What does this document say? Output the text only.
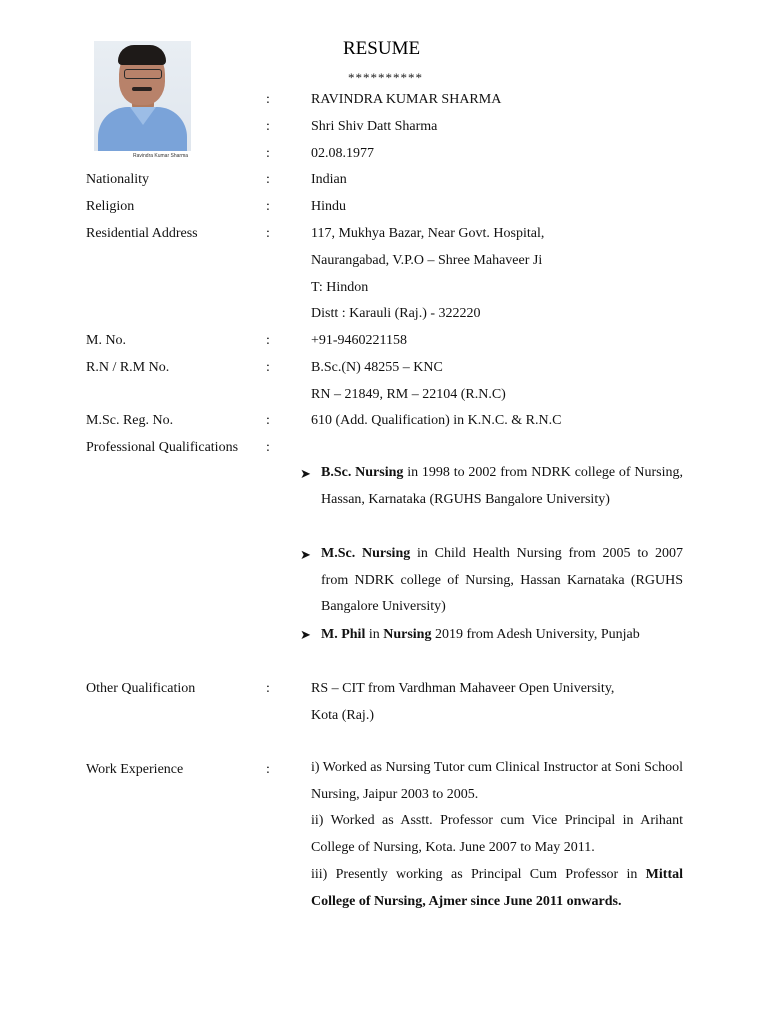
Ravindra Kumar Sharma
RESUME
**********
:	RAVINDRA KUMAR SHARMA
:	Shri Shiv Datt Sharma
:	02.08.1977
Nationality	:	Indian
Religion	:	Hindu
Residential Address	:	117, Mukhya Bazar, Near Govt. Hospital,
Naurangabad, V.P.O – Shree Mahaveer Ji
T: Hindon
Distt : Karauli (Raj.) - 322220
M. No.	:	+91-9460221158
R.N / R.M No.	:	B.Sc.(N) 48255 – KNC
RN – 21849, RM – 22104 (R.N.C)
M.Sc. Reg. No.	:	610 (Add. Qualification) in K.N.C. & R.N.C
Professional Qualifications :
➤ B.Sc. Nursing in 1998 to 2002 from NDRK college of Nursing, Hassan, Karnataka (RGUHS Bangalore University)
➤ M.Sc. Nursing in Child Health Nursing from 2005 to 2007 from NDRK college of Nursing, Hassan Karnataka (RGUHS Bangalore University)
➤ M. Phil in Nursing 2019 from Adesh University, Punjab
Other Qualification	:	RS – CIT from Vardhman Mahaveer Open University,
Kota (Raj.)
Work Experience	:	i) Worked as Nursing Tutor cum Clinical Instructor at Soni School Nursing, Jaipur 2003 to 2005.
ii) Worked as Asstt. Professor cum Vice Principal in Arihant College of Nursing, Kota. June 2007 to May 2011.
iii) Presently working as Principal Cum Professor in Mittal College of Nursing, Ajmer since June 2011 onwards.
